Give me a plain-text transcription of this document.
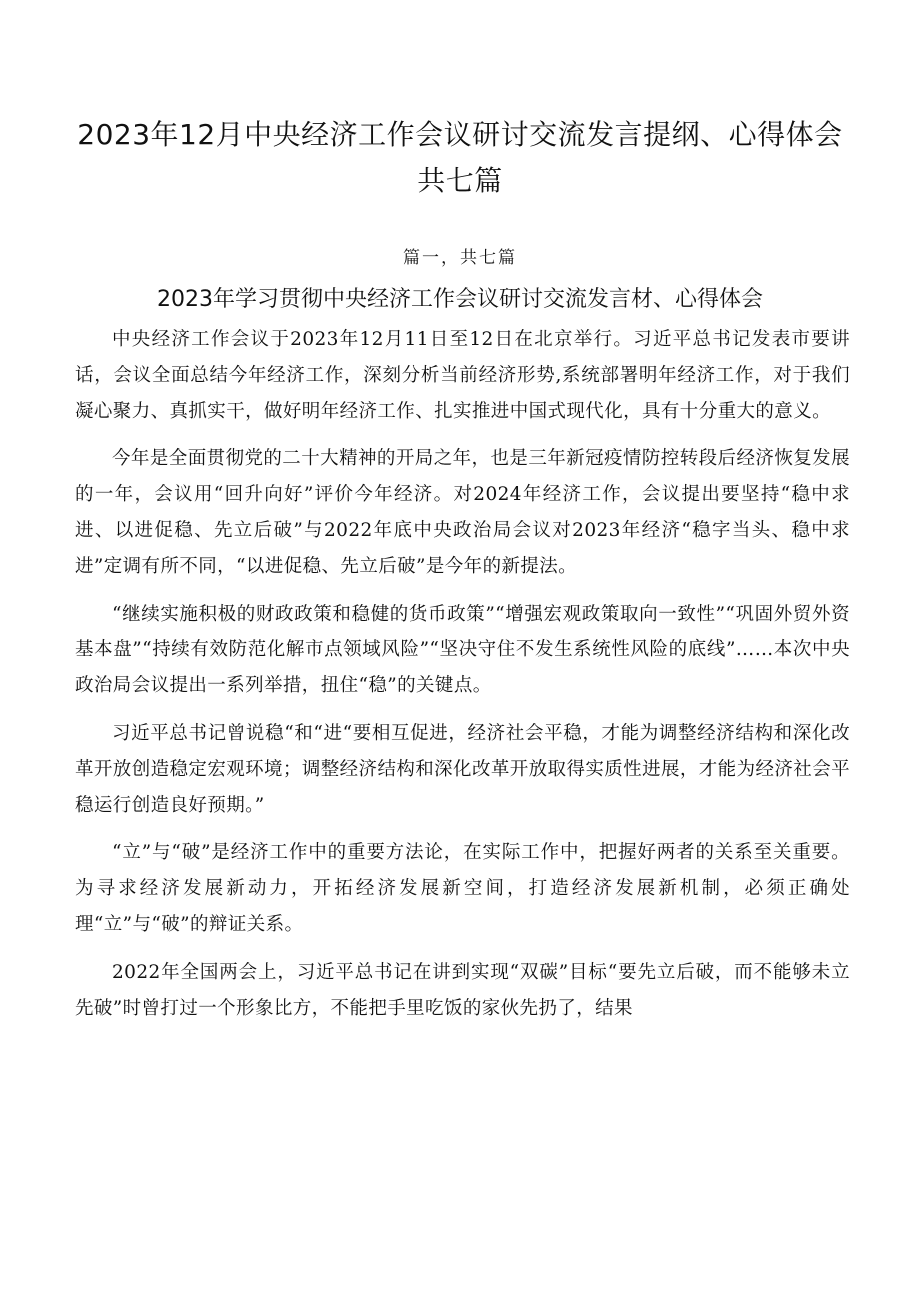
2023年12月中央经济工作会议研讨交流发言提纲、心得体会共七篇
篇一，共七篇
2023年学习贯彻中央经济工作会议研讨交流发言材、心得体会

中央经济工作会议于2023年12月11日至12日在北京举行。习近平总书记发表市要讲话，会议全面总结今年经济工作，深刻分析当前经济形势,系统部署明年经济工作，对于我们凝心聚力、真抓实干，做好明年经济工作、扎实推进中国式现代化，具有十分重大的意义。

今年是全面贯彻党的二十大精神的开局之年，也是三年新冠疫情防控转段后经济恢复发展的一年，会议用“回升向好”评价今年经济。对2024年经济工作，会议提出要坚持“稳中求进、以进促稳、先立后破”与2022年底中央政治局会议对2023年经济“稳字当头、稳中求进”定调有所不同，“以进促稳、先立后破”是今年的新提法。

“继续实施积极的财政政策和稳健的货币政策”“增强宏观政策取向一致性”“巩固外贸外资基本盘”“持续有效防范化解市点领域风险”“坚决守住不发生系统性风险的底线”……本次中央政治局会议提出一系列举措，扭住“稳”的关键点。

习近平总书记曾说稳“和“进“要相互促进，经济社会平稳，才能为调整经济结构和深化改革开放创造稳定宏观环境；调整经济结构和深化改革开放取得实质性进展，才能为经济社会平稳运行创造良好预期。”

“立”与“破”是经济工作中的重要方法论，在实际工作中，把握好两者的关系至关重要。为寻求经济发展新动力，开拓经济发展新空间，打造经济发展新机制，必须正确处理“立”与“破”的辩证关系。

2022年全国两会上，习近平总书记在讲到实现“双碳”目标“要先立后破，而不能够未立先破”时曾打过一个形象比方，不能把手里吃饭的家伙先扔了，结果
